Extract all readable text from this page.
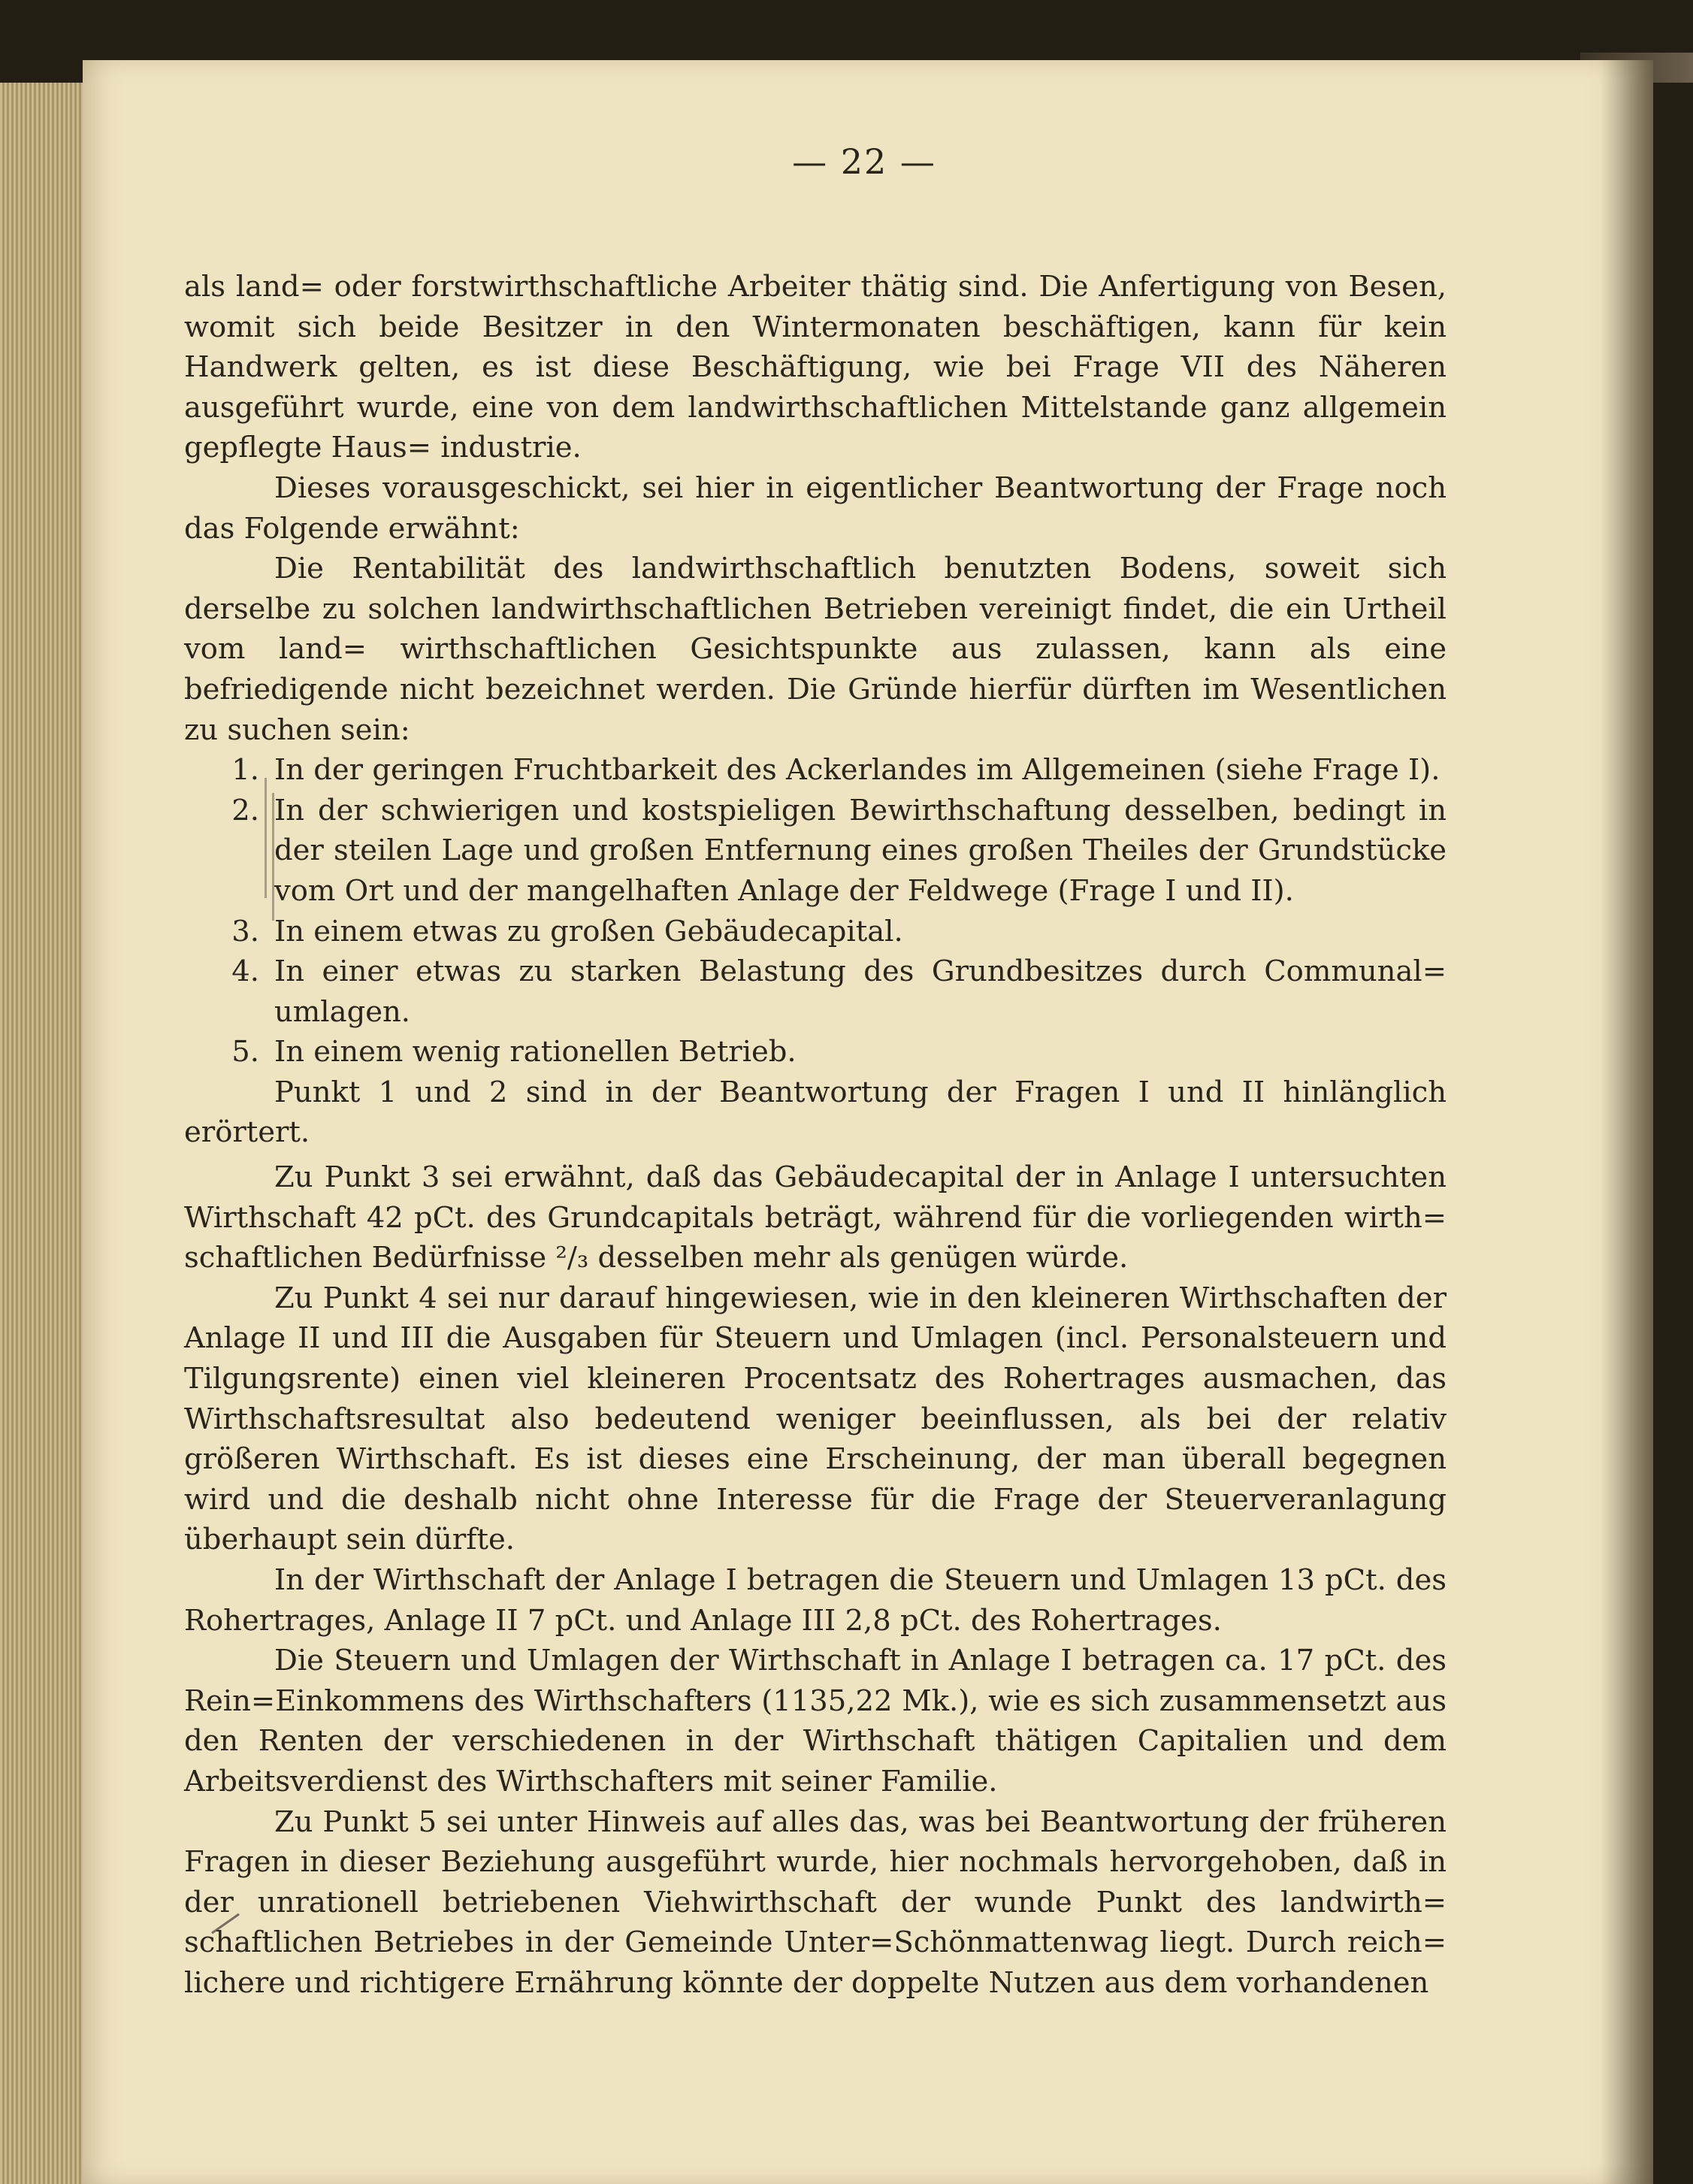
— 22 —

als land= oder forstwirthschaftliche Arbeiter thätig sind. Die Anfertigung von Besen, womit sich beide Besitzer in den Wintermonaten beschäftigen, kann für kein Handwerk gelten, es ist diese Beschäftigung, wie bei Frage VII des Näheren ausgeführt wurde, eine von dem landwirthschaftlichen Mittelstande ganz allgemein gepflegte Haus= industrie.

Dieses vorausgeschickt, sei hier in eigentlicher Beantwortung der Frage noch das Folgende erwähnt:

Die Rentabilität des landwirthschaftlich benutzten Bodens, soweit sich derselbe zu solchen landwirthschaftlichen Betrieben vereinigt findet, die ein Urtheil vom land= wirthschaftlichen Gesichtspunkte aus zulassen, kann als eine befriedigende nicht bezeichnet werden. Die Gründe hierfür dürften im Wesentlichen zu suchen sein:

1. In der geringen Fruchtbarkeit des Ackerlandes im Allgemeinen (siehe Frage I).
2. In der schwierigen und kostspieligen Bewirthschaftung desselben, bedingt in der steilen Lage und großen Entfernung eines großen Theiles der Grundstücke vom Ort und der mangelhaften Anlage der Feldwege (Frage I und II).
3. In einem etwas zu großen Gebäudecapital.
4. In einer etwas zu starken Belastung des Grundbesitzes durch Communal= umlagen.
5. In einem wenig rationellen Betrieb.

Punkt 1 und 2 sind in der Beantwortung der Fragen I und II hinlänglich erörtert.

Zu Punkt 3 sei erwähnt, daß das Gebäudecapital der in Anlage I untersuchten Wirthschaft 42 pCt. des Grundcapitals beträgt, während für die vorliegenden wirth= schaftlichen Bedürfnisse ²/₃ desselben mehr als genügen würde.

Zu Punkt 4 sei nur darauf hingewiesen, wie in den kleineren Wirthschaften der Anlage II und III die Ausgaben für Steuern und Umlagen (incl. Personalsteuern und Tilgungsrente) einen viel kleineren Procentsatz des Rohertrages ausmachen, das Wirthschaftsresultat also bedeutend weniger beeinflussen, als bei der relativ größeren Wirthschaft. Es ist dieses eine Erscheinung, der man überall begegnen wird und die deshalb nicht ohne Interesse für die Frage der Steuerveranlagung überhaupt sein dürfte.

In der Wirthschaft der Anlage I betragen die Steuern und Umlagen 13 pCt. des Rohertrages, Anlage II 7 pCt. und Anlage III 2,8 pCt. des Rohertrages.

Die Steuern und Umlagen der Wirthschaft in Anlage I betragen ca. 17 pCt. des Rein=Einkommens des Wirthschafters (1135,22 Mk.), wie es sich zusammensetzt aus den Renten der verschiedenen in der Wirthschaft thätigen Capitalien und dem Arbeitsverdienst des Wirthschafters mit seiner Familie.

Zu Punkt 5 sei unter Hinweis auf alles das, was bei Beantwortung der früheren Fragen in dieser Beziehung ausgeführt wurde, hier nochmals hervorgehoben, daß in der unrationell betriebenen Viehwirthschaft der wunde Punkt des landwirth= schaftlichen Betriebes in der Gemeinde Unter=Schönmattenwag liegt. Durch reich= lichere und richtigere Ernährung könnte der doppelte Nutzen aus dem vorhandenen
